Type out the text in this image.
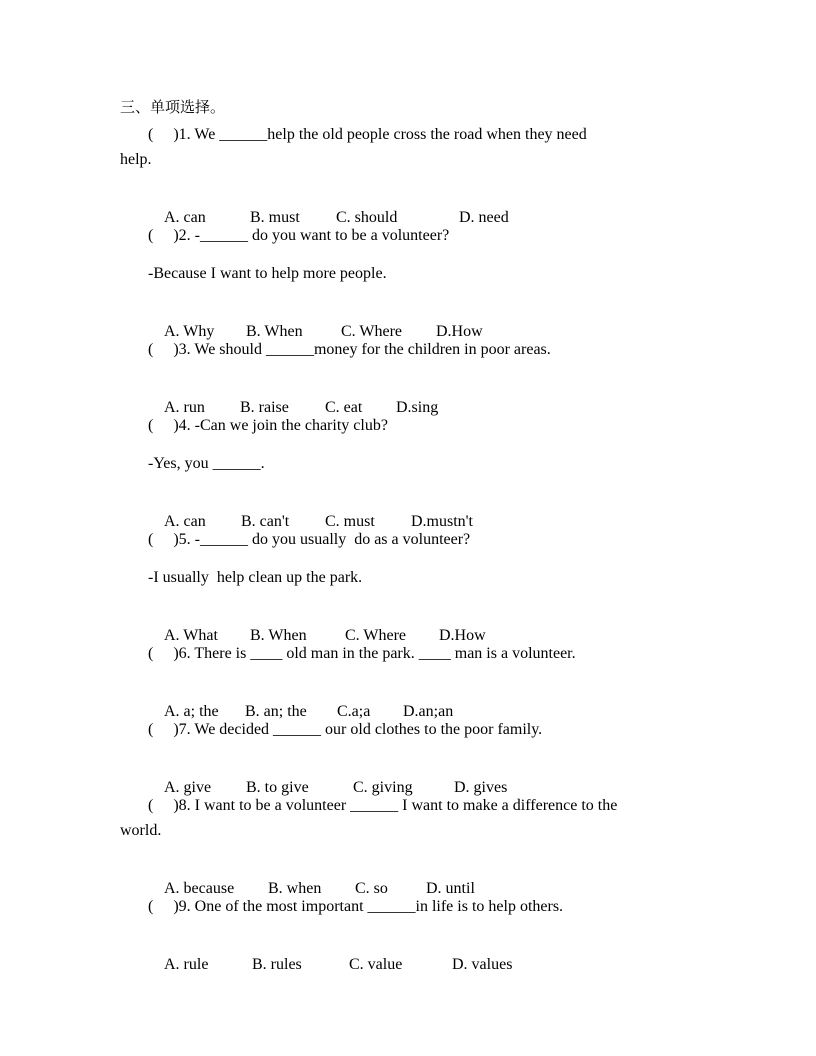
三、单项选择。
(     )1. We ______help the old people cross the road when they need
help.

A. can	B. must C. should	D. need

(     )2. -______ do you want to be a volunteer?
-Because I want to help more people.

A. Why B. When C. Where D.How

(     )3. We should ______money for the children in poor areas.

A. run B. raise C. eat D.sing

(     )4. -Can we join the charity club?
-Yes, you ______.

A. can B. can't C. must D.mustn't

(     )5. -______ do you usually  do as a volunteer?
-I usually  help clean up the park.

A. What B. When C. Where D.How

(     )6. There is ____ old man in the park. ____ man is a volunteer.

A. a; the B. an; the C.a;a D.an;an

(     )7. We decided ______ our old clothes to the poor family.

A. give B. to give	C. giving	D. gives

(     )8. I want to be a volunteer ______ I want to make a difference to the
world.

A. because B. when C. so D. until

(     )9. One of the most important ______in life is to help others.

A. rule	B. rules	C. value	D. values
